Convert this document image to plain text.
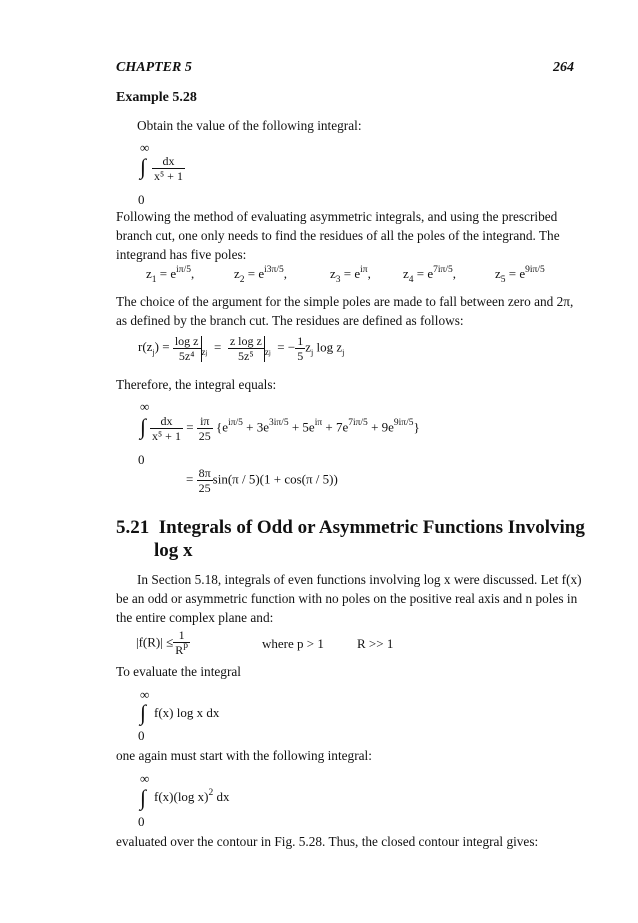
CHAPTER 5	264
Example 5.28
Obtain the value of the following integral:
∞
∫ $\frac{dx}{\text{x⁵ + 1}}$
0
Following the method of evaluating asymmetric integrals, and using the prescribed branch cut, one only needs to find the residues of all the poles of the integrand. The integrand has five poles:
$z_1 = e^{i\pi/5}$,	$z_2 = e^{i3\pi/5}$,	$z_3 = e^{i\pi}$, $z_4 = e^{7i\pi/5}$,	$z_5 = e^{9i\pi/5}$
The choice of the argument for the simple poles are made to fall between zero and 2π, as defined by the branch cut. The residues are defined as follows:
$r(z_j) = \frac{\text{log z}}{\text{5z⁴}} _{zj} = \frac{\text{z log z}}{\text{5z⁵}} _{zj}$  = − $\frac{1}{5} z_j$ $\log z_j$
Therefore, the integral equals:
∞
∫ $\frac{dx}{\text{x⁵ + 1}} = \frac{i\pi}{25} \{e^{i\pi/5} + 3e^{3i\pi/5} + 5e^{i\pi} + 7e^{7i\pi/5} + 9e^{9i\pi/5}\}$
0
= $\frac{8\pi}{25} \sin(\pi / 5)(1 + \cos(\pi / 5))$
5.21 Integrals of Odd or Asymmetric Functions Involving
log x
In Section 5.18, integrals of even functions involving log x were discussed. Let f(x) be an odd or asymmetric function with no poles on the positive real axis and n poles in the entire complex plane and:
$|f(R)| \le \frac{1}{R^p}$	where p > 1	R >> 1
To evaluate the integral
∞
∫ f(x) log x dx
0
one again must start with the following integral:
∞
∫ f(x)(log x)$^2$ dx
0
evaluated over the contour in Fig. 5.28. Thus, the closed contour integral gives:
